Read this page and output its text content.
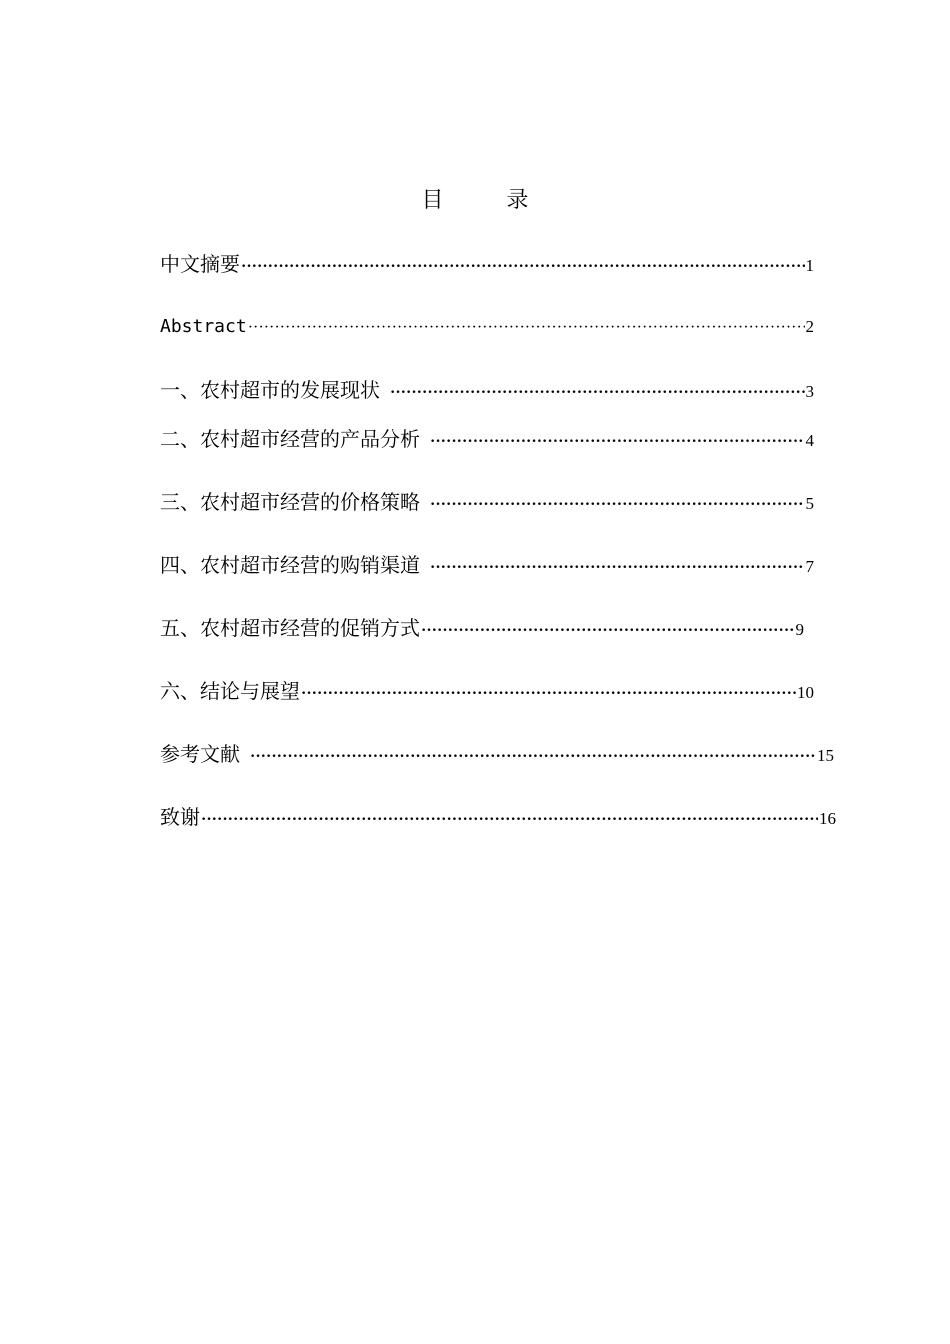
目 录
中文摘要 ·····	1
Abstract ·····	2
一、农村超市的发展现状 ·····	3
二、农村超市经营的产品分析 ·····	4
三、农村超市经营的价格策略 ·····	5
四、农村超市经营的购销渠道 ·····	7
五、农村超市经营的促销方式 ·····	9
六、结论与展望 ·····	10
参考文献 ·····	15
致谢 ·····	16
